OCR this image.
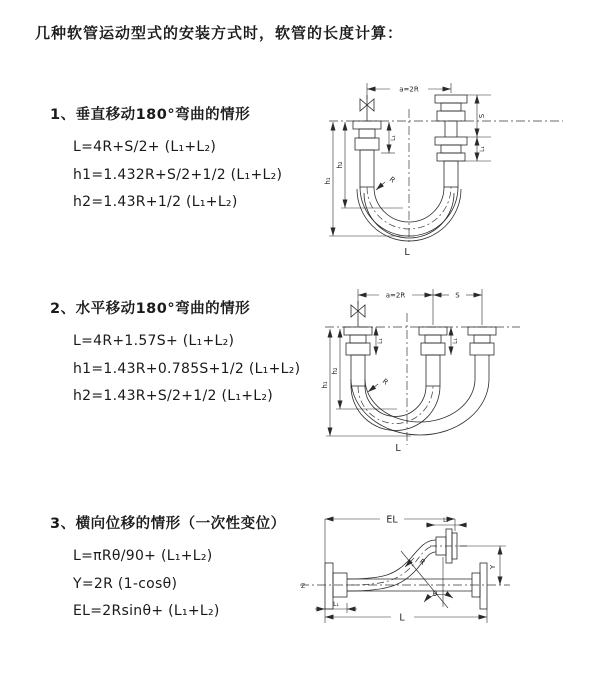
几种软管运动型式的安装方式时，软管的长度计算：
1、垂直移动180°弯曲的情形
L=4R+S/2+ (L₁+L₂)
h1=1.432R+S/2+1/2 (L₁+L₂)
h2=1.43R+1/2 (L₁+L₂)
2、水平移动180°弯曲的情形
L=4R+1.57S+ (L₁+L₂)
h1=1.43R+0.785S+1/2 (L₁+L₂)
h2=1.43R+S/2+1/2 (L₁+L₂)
3、横向位移的情形（一次性变位）
L=πRθ/90+ (L₁+L₂)
Y=2R (1-cosθ)
EL=2Rsinθ+ (L₁+L₂)
a=2R
R
h₂
h₁
L₁
S
L₁
L
a=2R	S
L₁	L₁
R
h₂
h₁
L
EL	L₂
Z
R
θ
Y
L₁
L
